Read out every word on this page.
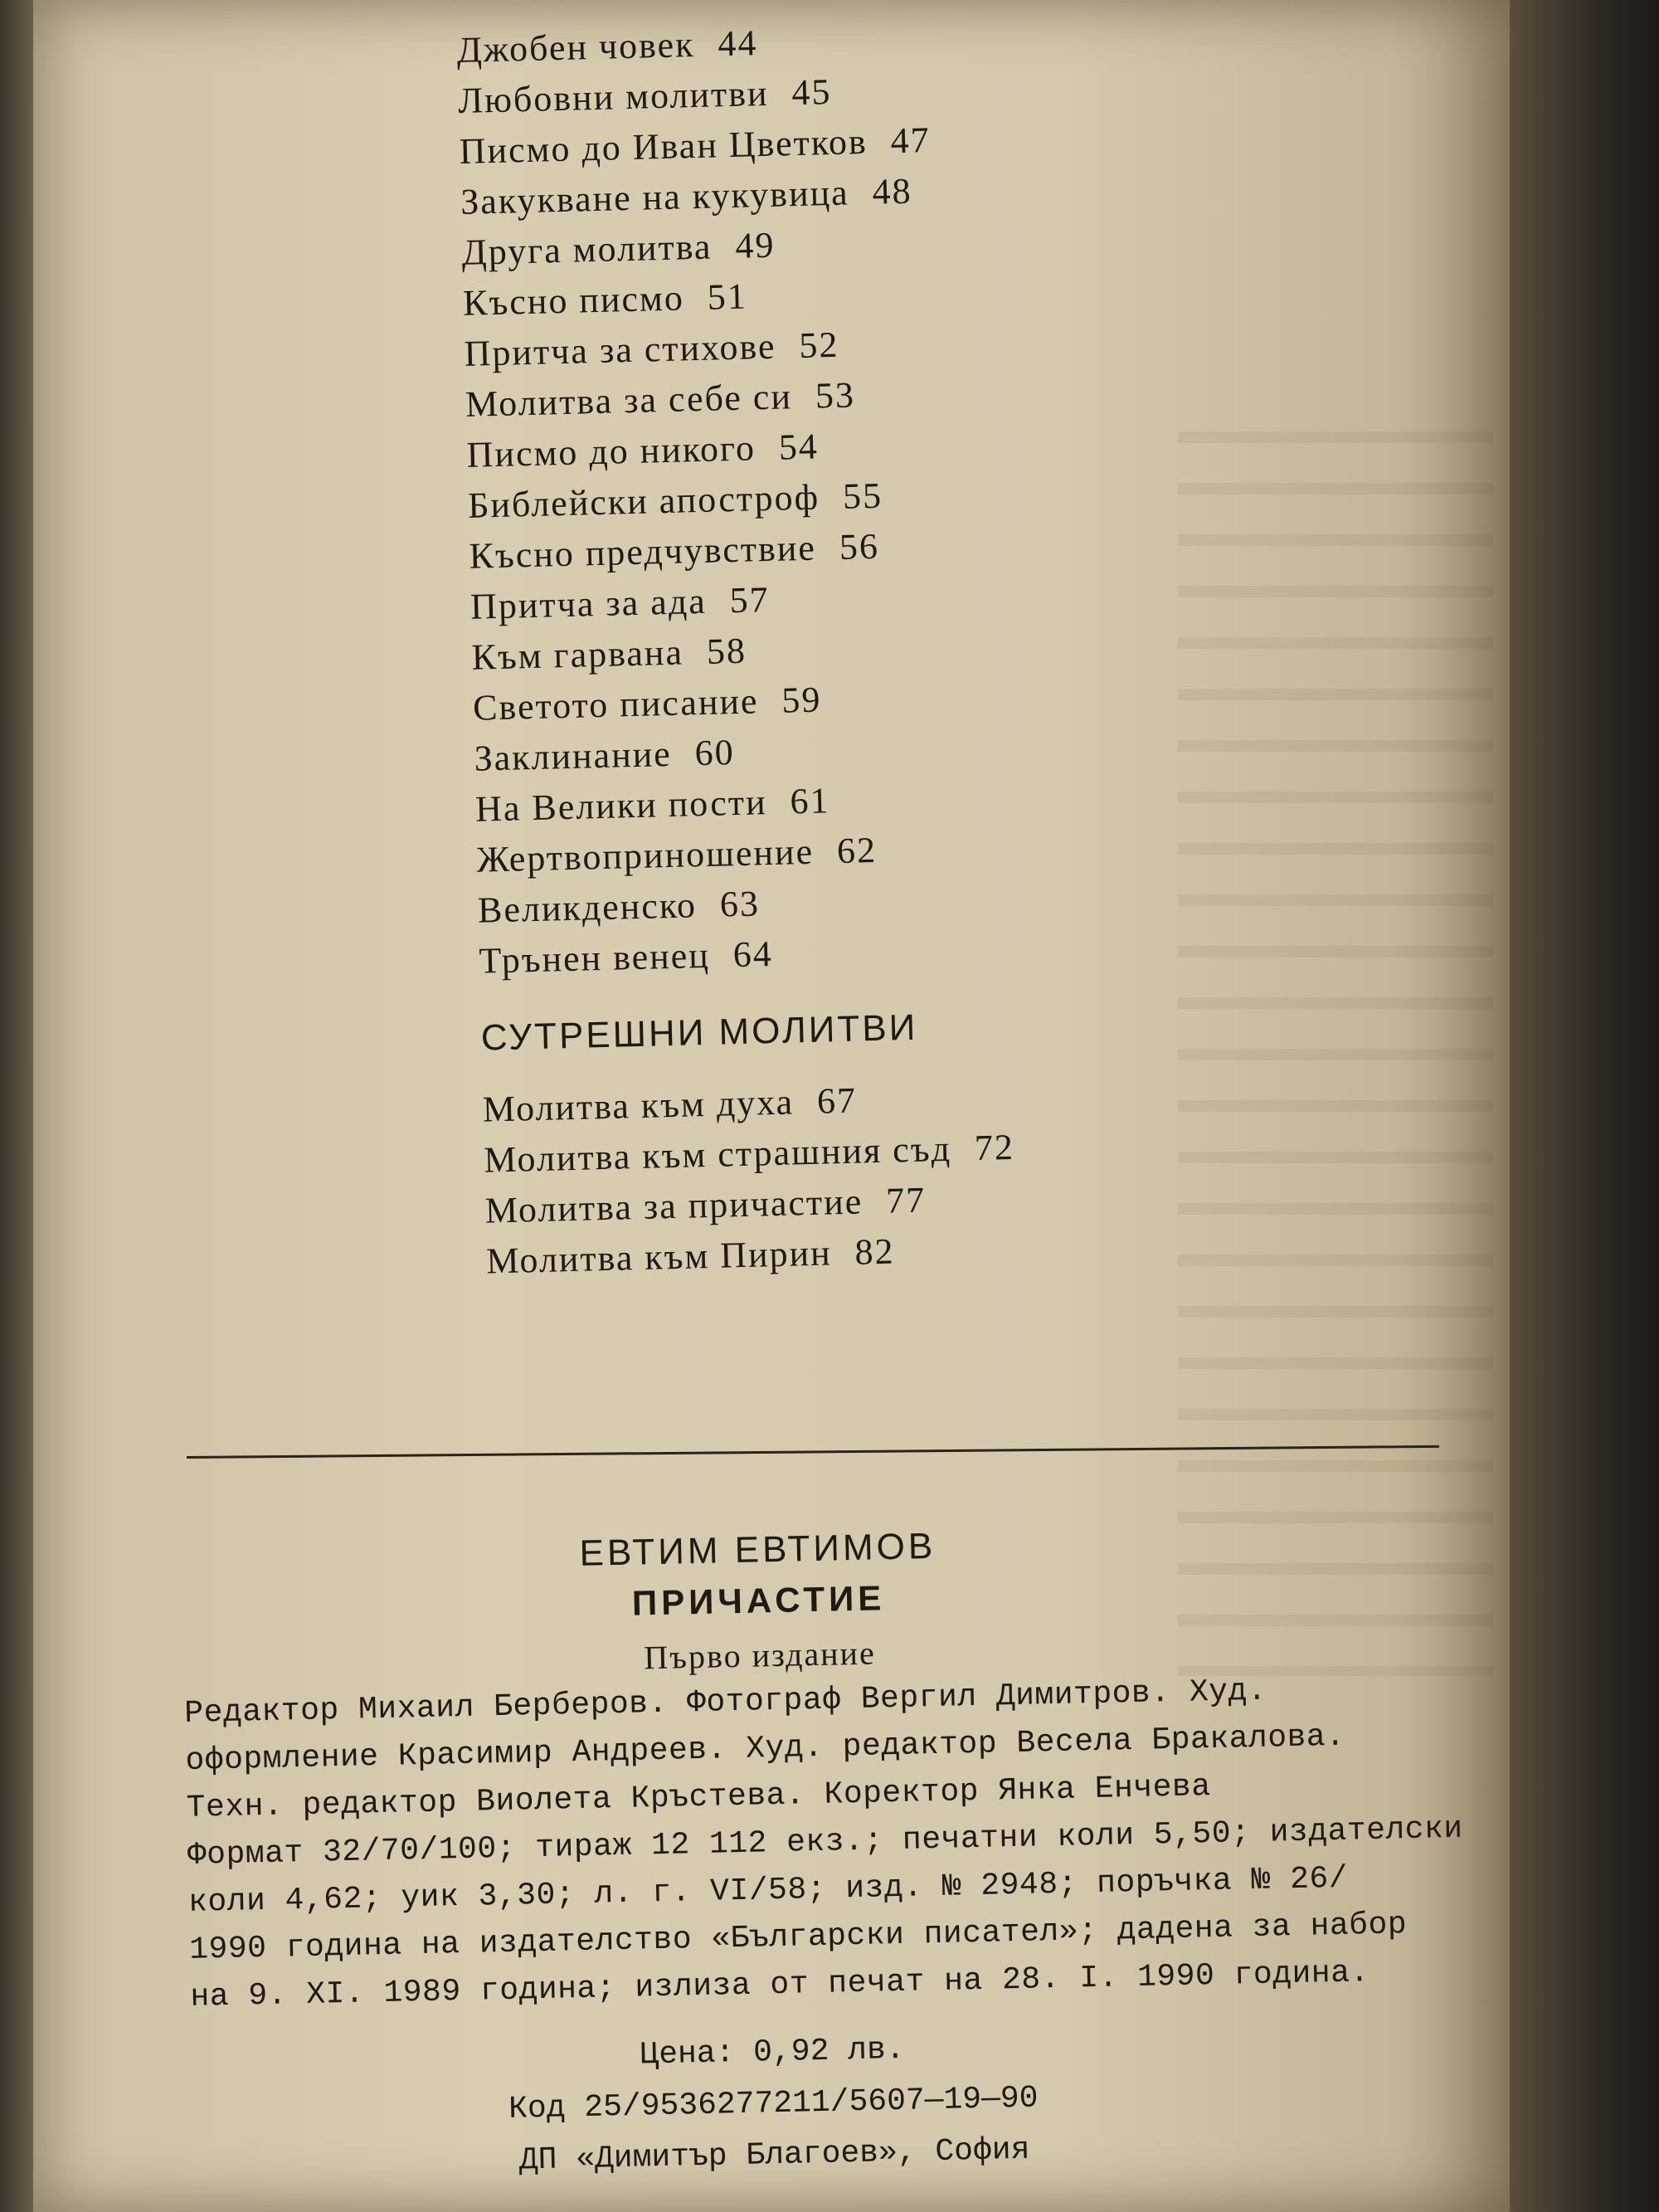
Джобен човек 44
Любовни молитви 45
Писмо до Иван Цветков 47
Закукване на кукувица 48
Друга молитва 49
Късно писмо 51
Притча за стихове 52
Молитва за себе си 53
Писмо до никого 54
Библейски апостроф 55
Късно предчувствие 56
Притча за ада 57
Към гарвана 58
Светото писание 59
Заклинание 60
На Велики пости 61
Жертвоприношение 62
Великденско 63
Трънен венец 64
СУТРЕШНИ МОЛИТВИ
Молитва към духа 67
Молитва към страшния съд 72
Молитва за причастие 77
Молитва към Пирин 82
ЕВТИМ ЕВТИМОВ
ПРИЧАСТИЕ
Първо издание
Редактор Михаил Берберов. Фотограф Вергил Димитров. Худ.
оформление Красимир Андреев. Худ. редактор Весела Бракалова.
Техн. редактор Виолета Кръстева. Коректор Янка Енчева
Формат 32/70/100; тираж 12 112 екз.; печатни коли 5,50; издателски
коли 4,62; уик 3,30; л. г. VI/58; изд. № 2948; поръчка № 26/
1990 година на издателство «Български писател»; дадена за набор
на 9. XI. 1989 година; излиза от печат на 28. I. 1990 година.
Цена: 0,92 лв.
Код 25/9536277211/5607—19—90
ДП «Димитър Благоев», София
